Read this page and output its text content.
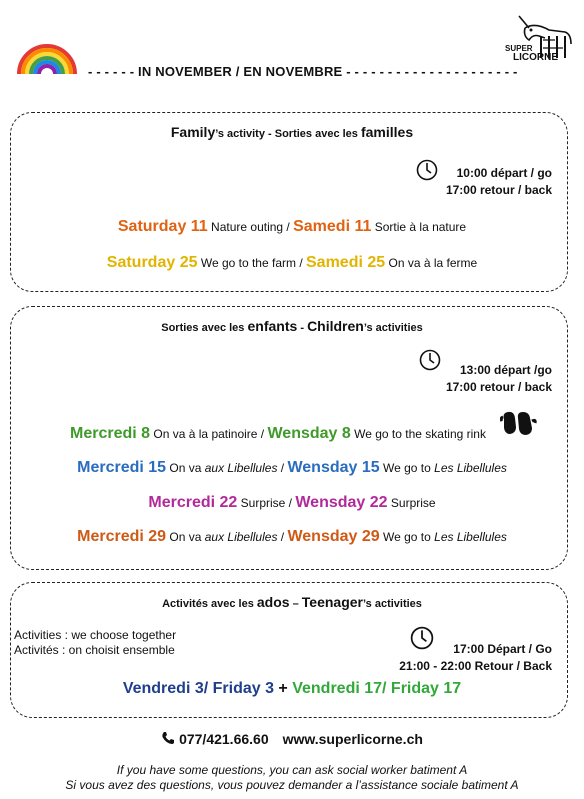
- - - - - - IN NOVEMBER / EN NOVEMBRE - - - - - - - - - - - - - - - - - - - - -
SUPER
LICORNE
Family’s activity - Sorties avec les familles
10:00 départ / go
17:00 retour / back
Saturday 11 Nature outing / Samedi 11 Sortie à la nature
Saturday 25 We go to the farm / Samedi 25 On va à la ferme
Sorties avec les enfants - Children’s activities
13:00 départ /go
17:00 retour / back
Mercredi 8 On va à la patinoire / Wensday 8 We go to the skating rink
Mercredi 15 On va aux Libellules / Wensday 15 We go to Les Libellules
Mercredi 22 Surprise / Wensday 22 Surprise
Mercredi 29 On va aux Libellules / Wensday 29 We go to Les Libellules
Activités avec les ados – Teenager’s activities
Activities : we choose together
Activités : on choisit ensemble	17:00 Départ / Go
21:00 - 22:00 Retour / Back
Vendredi 3/ Friday 3 + Vendredi 17/ Friday 17
077/421.66.60 www.superlicorne.ch
If you have some questions, you can ask social worker batiment A
Si vous avez des questions, vous pouvez demander a l’assistance sociale batiment A
